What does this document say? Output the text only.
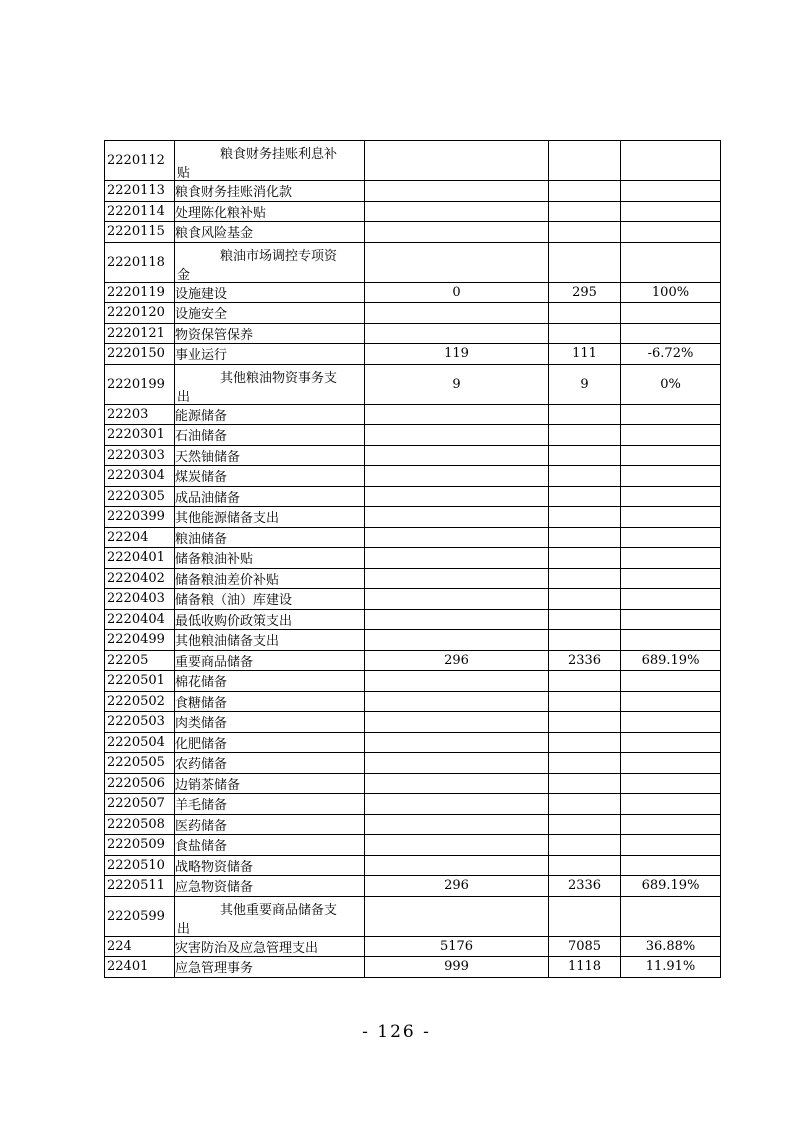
2220112	粮食财务挂账利息补
贴			

2220113	粮食财务挂账消化款			
2220114	处理陈化粮补贴			
2220115	粮食风险基金			
2220118	粮油市场调控专项资
金			

2220119	设施建设	0	295	100%
2220120	设施安全			
2220121	物资保管保养			
2220150	事业运行	119	111	-6.72%
2220199	其他粮油物资事务支
出	9	9	0%
22203	能源储备			
2220301	石油储备			
2220303	天然铀储备			
2220304	煤炭储备			
2220305	成品油储备			
2220399	其他能源储备支出			
22204	粮油储备			
2220401	储备粮油补贴			
2220402	储备粮油差价补贴			
2220403	储备粮（油）库建设			
2220404	最低收购价政策支出			
2220499	其他粮油储备支出			
22205	重要商品储备	296	2336	689.19%
2220501	棉花储备			
2220502	食糖储备			
2220503	肉类储备			
2220504	化肥储备			
2220505	农药储备			
2220506	边销茶储备			
2220507	羊毛储备			
2220508	医药储备			
2220509	食盐储备			
2220510	战略物资储备			
2220511	应急物资储备	296	2336	689.19%
2220599	其他重要商品储备支
出			

224	灾害防治及应急管理支出	5176	7085	36.88%
22401	应急管理事务	999	1118	11.91%
- 126 -
